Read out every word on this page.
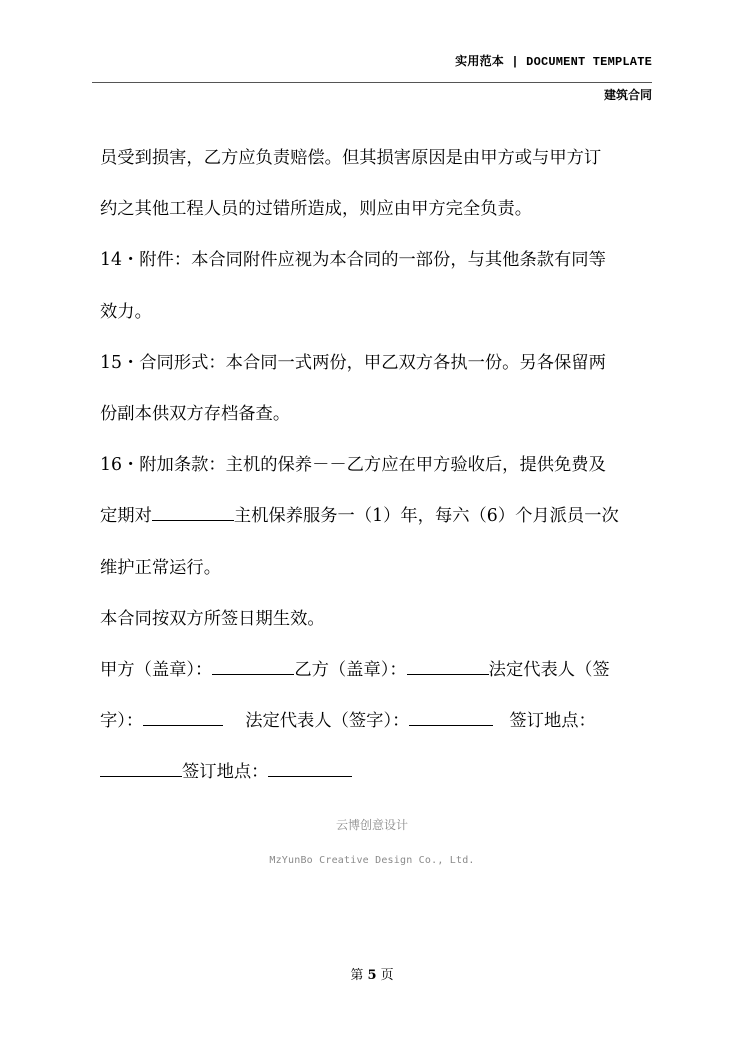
实用范本 | DOCUMENT TEMPLATE
建筑合同
员受到损害，乙方应负责赔偿。但其损害原因是由甲方或与甲方订
约之其他工程人员的过错所造成，则应由甲方完全负责。
14・附件：本合同附件应视为本合同的一部份，与其他条款有同等
效力。
15・合同形式：本合同一式两份，甲乙双方各执一份。另各保留两
份副本供双方存档备查。
16・附加条款：主机的保养－－乙方应在甲方验收后，提供免费及
定期对	主机保养服务一（1）年，每六（6）个月派员一次
维护正常运行。
本合同按双方所签日期生效。
甲方（盖章）：	乙方（盖章）：	法定代表人（签
字）：	法定代表人（签字）：	签订地点：
签订地点：
云博创意设计
MzYunBo Creative Design Co., Ltd.
第 5 页
